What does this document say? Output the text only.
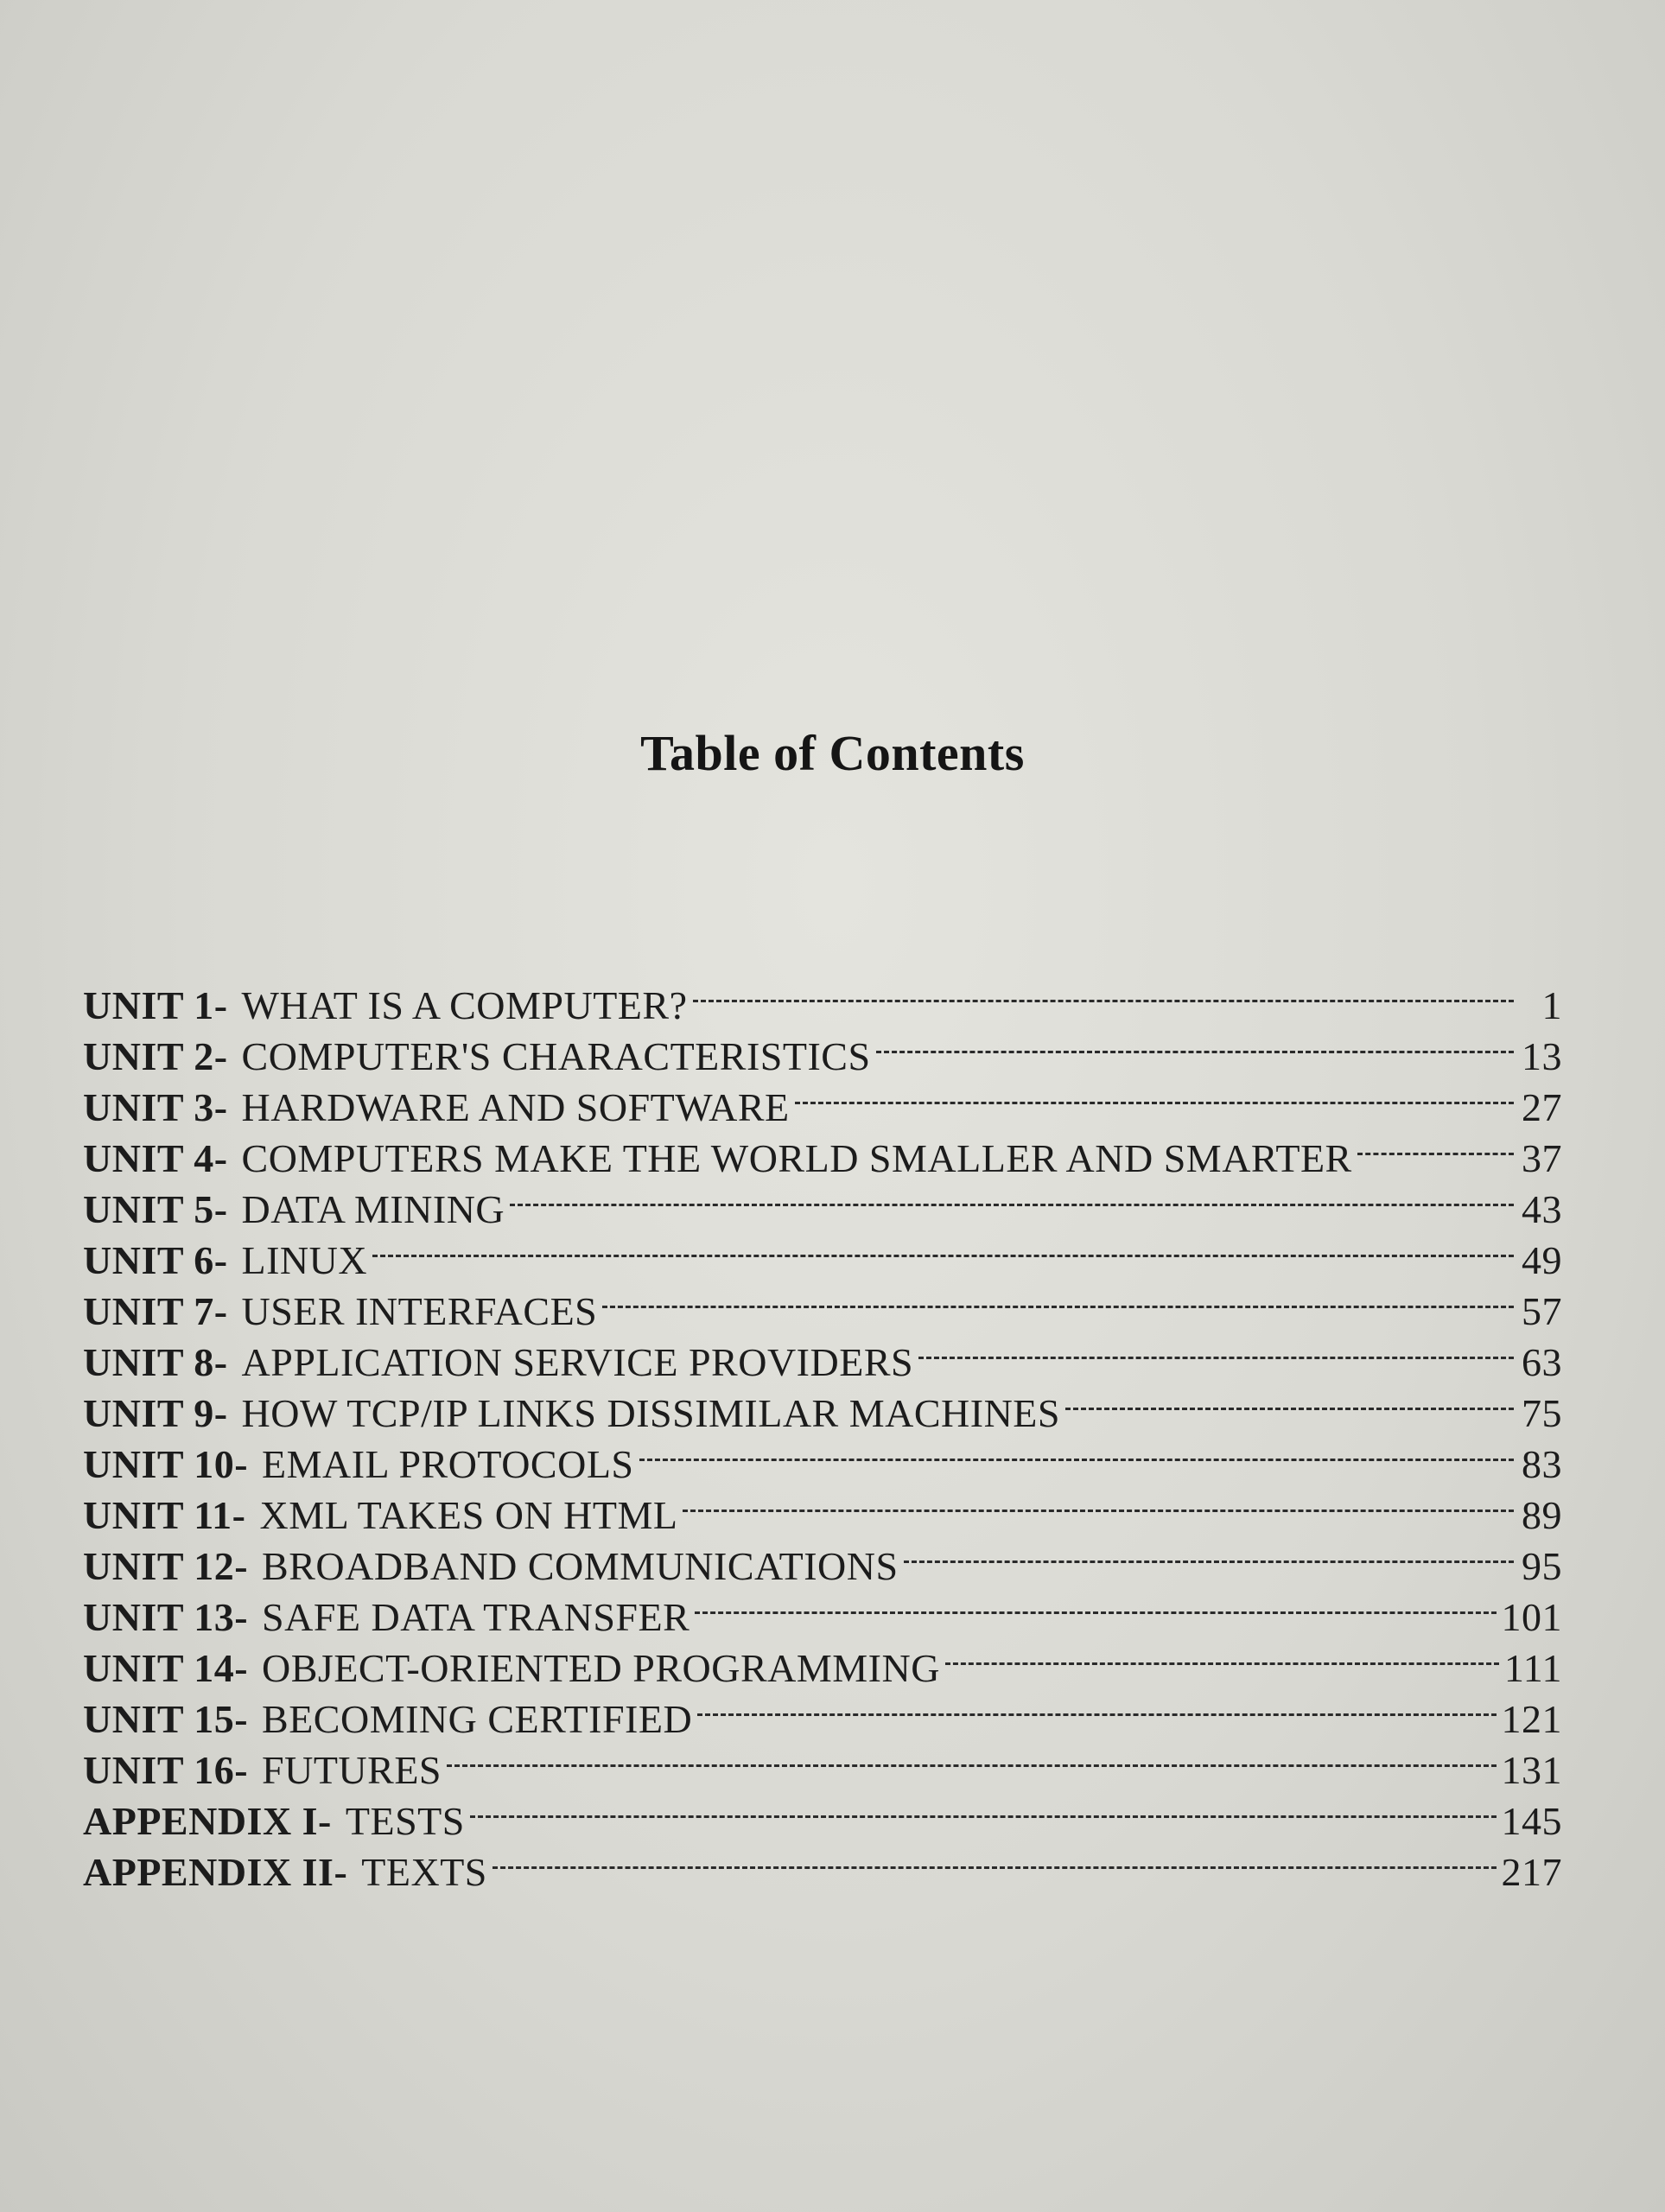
Table of Contents
UNIT 1- WHAT IS A COMPUTER?	1
UNIT 2- COMPUTER'S CHARACTERISTICS	13
UNIT 3- HARDWARE AND SOFTWARE	27
UNIT 4- COMPUTERS MAKE THE WORLD SMALLER AND SMARTER	37
UNIT 5- DATA MINING	43
UNIT 6- LINUX	49
UNIT 7- USER INTERFACES	57
UNIT 8- APPLICATION SERVICE PROVIDERS	63
UNIT 9- HOW TCP/IP LINKS DISSIMILAR MACHINES	75
UNIT 10- EMAIL PROTOCOLS	83
UNIT 11- XML TAKES ON HTML	89
UNIT 12- BROADBAND COMMUNICATIONS	95
UNIT 13- SAFE DATA TRANSFER	101
UNIT 14- OBJECT-ORIENTED PROGRAMMING	111
UNIT 15- BECOMING CERTIFIED	121
UNIT 16- FUTURES	131
APPENDIX I- TESTS	145
APPENDIX II- TEXTS	217
